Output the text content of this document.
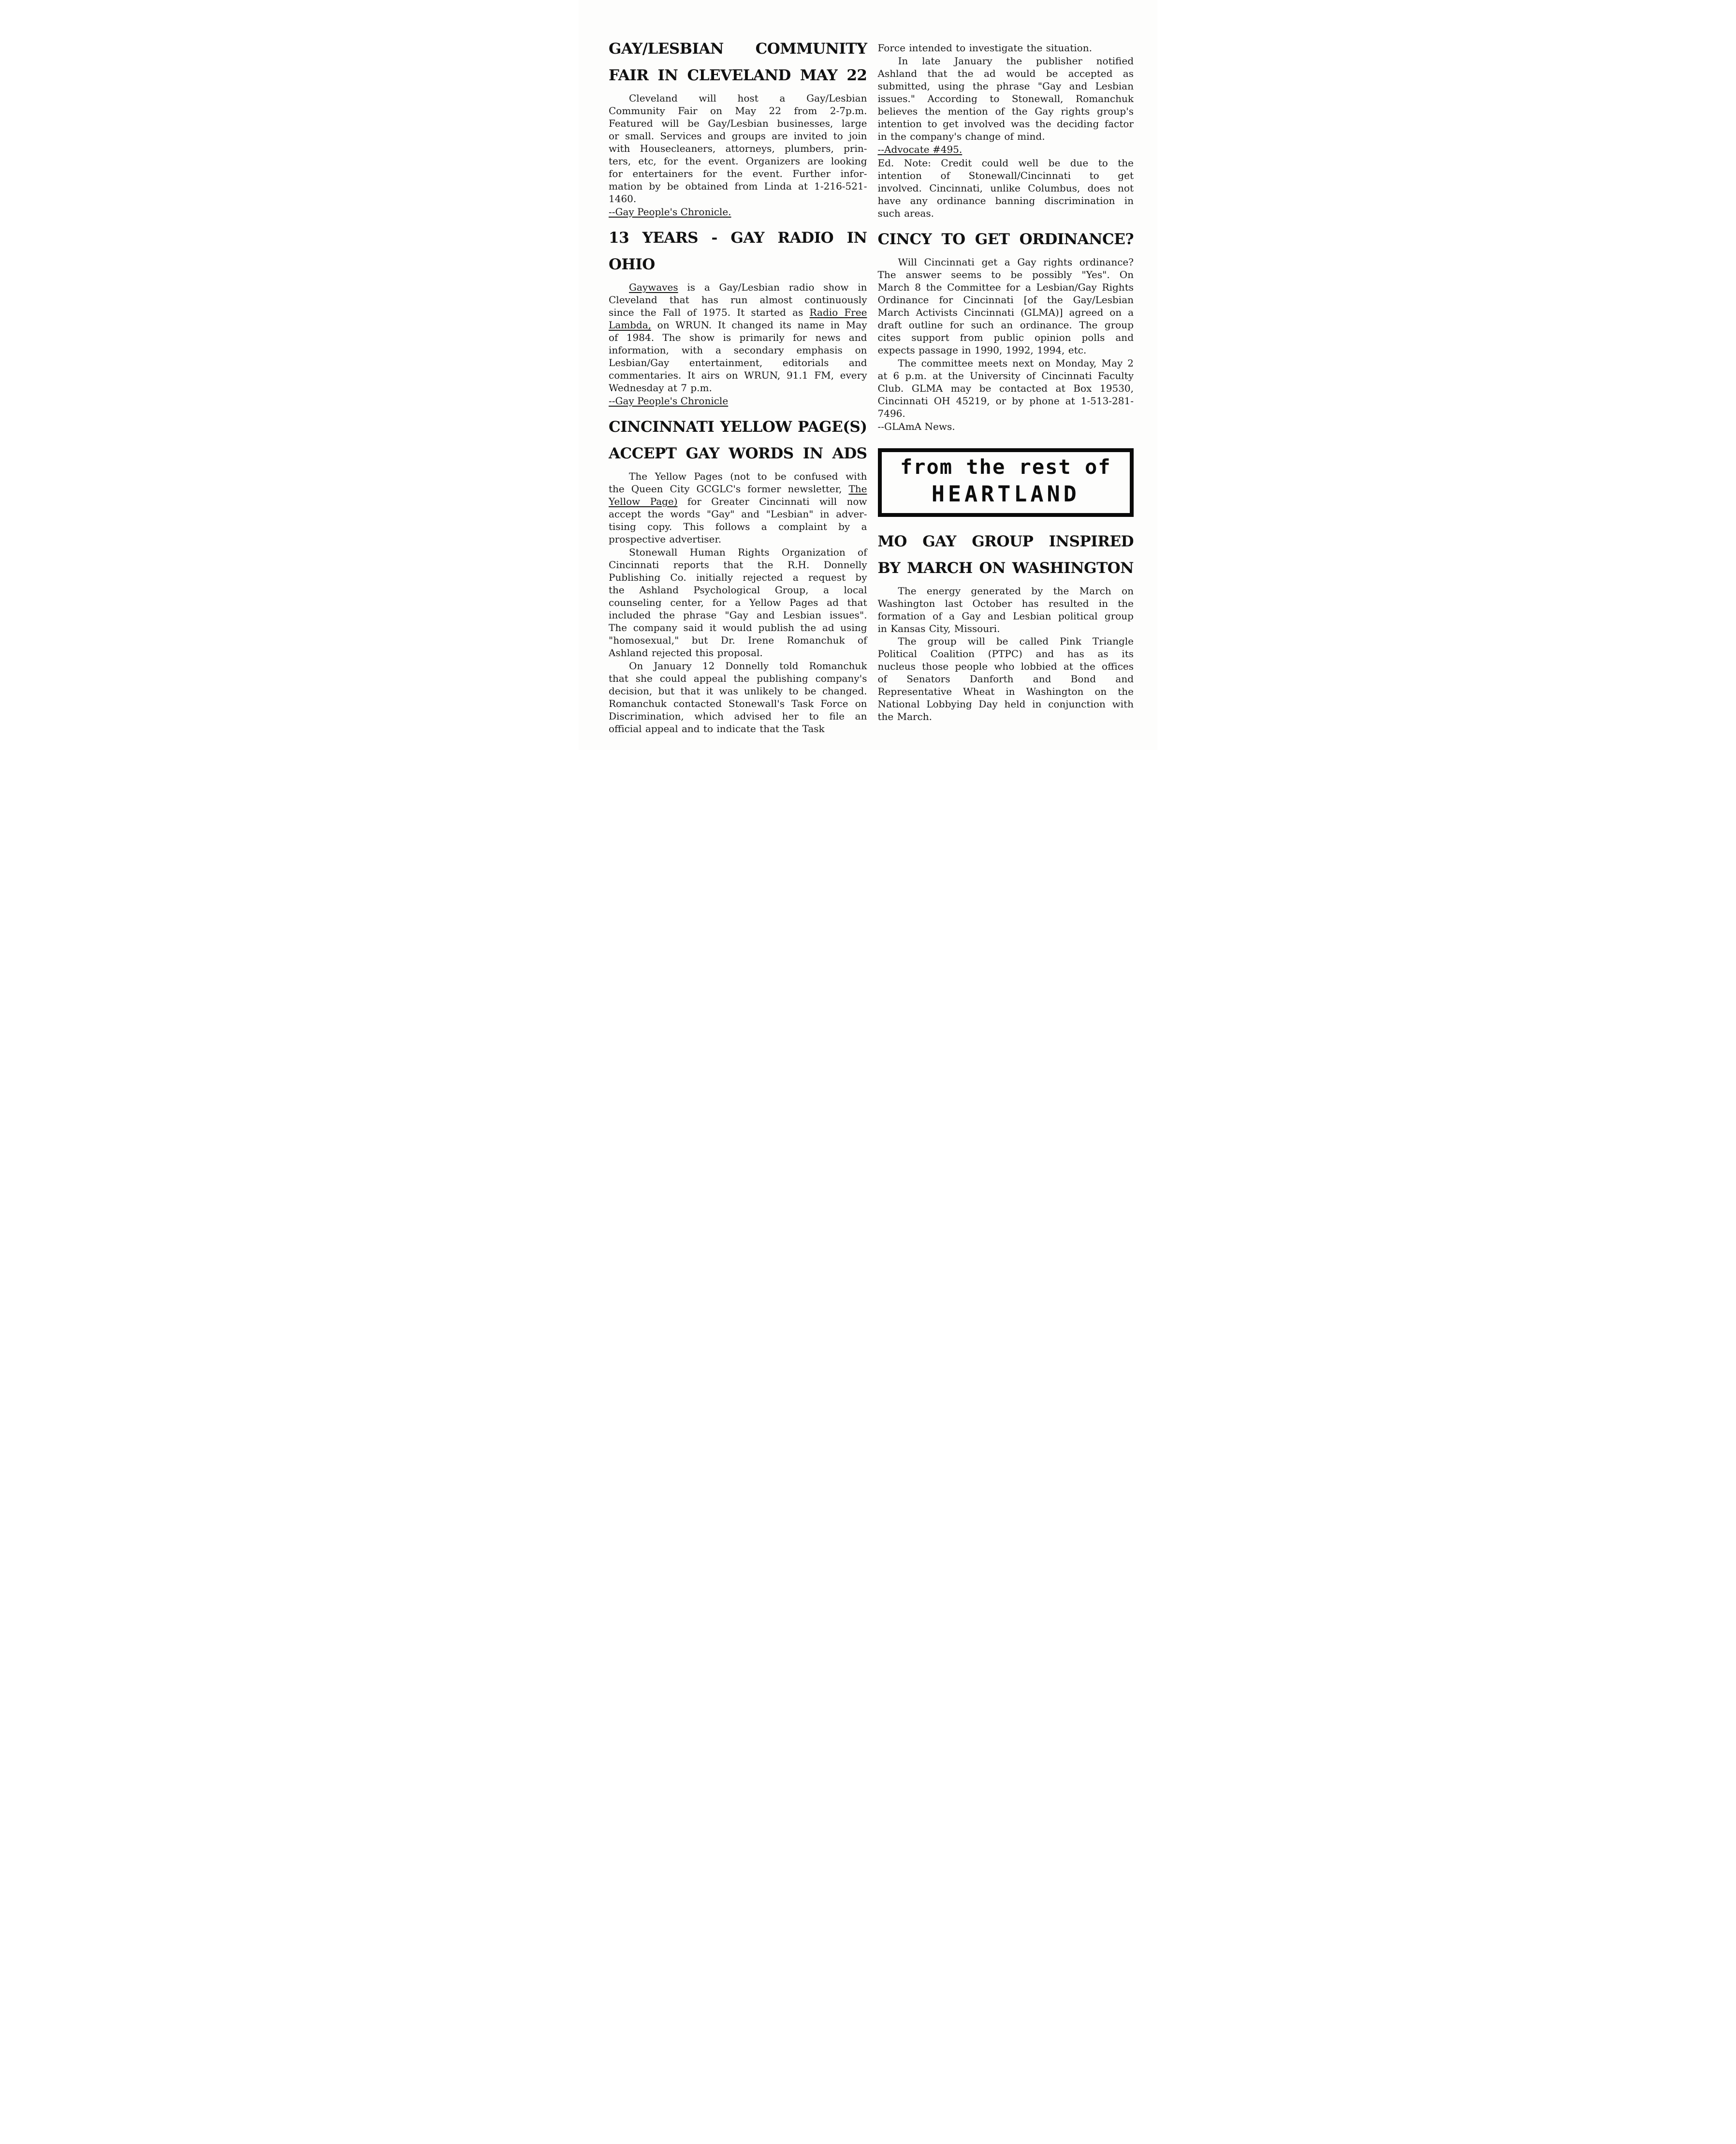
GAY/LESBIAN COMMUNITY
FAIR IN CLEVELAND MAY 22
Cleveland will host a Gay/Lesbian
Community Fair on May 22 from 2-7p.m.
Featured will be Gay/Lesbian businesses, large
or small. Services and groups are invited to join
with Housecleaners, attorneys, plumbers, prin-
ters, etc, for the event. Organizers are looking
for entertainers for the event. Further infor-
mation by be obtained from Linda at 1-216-521-
1460.
--Gay People's Chronicle.
13 YEARS - GAY RADIO IN OHIO
Gaywaves is a Gay/Lesbian radio show in
Cleveland that has run almost continuously
since the Fall of 1975. It started as Radio Free
Lambda, on WRUN. It changed its name in May
of 1984. The show is primarily for news and
information, with a secondary emphasis on
Lesbian/Gay entertainment, editorials and
commentaries. It airs on WRUN, 91.1 FM, every
Wednesday at 7 p.m.
--Gay People's Chronicle
CINCINNATI YELLOW PAGE(S)
ACCEPT GAY WORDS IN ADS
The Yellow Pages (not to be confused with
the Queen City GCGLC's former newsletter, The
Yellow Page) for Greater Cincinnati will now
accept the words "Gay" and "Lesbian" in adver-
tising copy. This follows a complaint by a
prospective advertiser.
Stonewall Human Rights Organization of
Cincinnati reports that the R.H. Donnelly
Publishing Co. initially rejected a request by
the Ashland Psychological Group, a local
counseling center, for a Yellow Pages ad that
included the phrase "Gay and Lesbian issues".
The company said it would publish the ad using
"homosexual," but Dr. Irene Romanchuk of
Ashland rejected this proposal.
On January 12 Donnelly told Romanchuk
that she could appeal the publishing company's
decision, but that it was unlikely to be changed.
Romanchuk contacted Stonewall's Task Force on
Discrimination, which advised her to file an
official appeal and to indicate that the Task
Force intended to investigate the situation.
In late January the publisher notified
Ashland that the ad would be accepted as
submitted, using the phrase "Gay and Lesbian
issues." According to Stonewall, Romanchuk
believes the mention of the Gay rights group's
intention to get involved was the deciding factor
in the company's change of mind.
--Advocate #495.
Ed. Note: Credit could well be due to the
intention of Stonewall/Cincinnati to get
involved. Cincinnati, unlike Columbus, does not
have any ordinance banning discrimination in
such areas.
CINCY TO GET ORDINANCE?
Will Cincinnati get a Gay rights ordinance?
The answer seems to be possibly "Yes". On
March 8 the Committee for a Lesbian/Gay Rights
Ordinance for Cincinnati [of the Gay/Lesbian
March Activists Cincinnati (GLMA)] agreed on a
draft outline for such an ordinance. The group
cites support from public opinion polls and
expects passage in 1990, 1992, 1994, etc.
The committee meets next on Monday, May 2
at 6 p.m. at the University of Cincinnati Faculty
Club. GLMA may be contacted at Box 19530,
Cincinnati OH 45219, or by phone at 1-513-281-
7496.
--GLAmA News.
from the rest of
HEARTLAND
MO GAY GROUP INSPIRED
BY MARCH ON WASHINGTON
The energy generated by the March on
Washington last October has resulted in the
formation of a Gay and Lesbian political group
in Kansas City, Missouri.
The group will be called Pink Triangle
Political Coalition (PTPC) and has as its
nucleus those people who lobbied at the offices
of Senators Danforth and Bond and
Representative Wheat in Washington on the
National Lobbying Day held in conjunction with
the March.
